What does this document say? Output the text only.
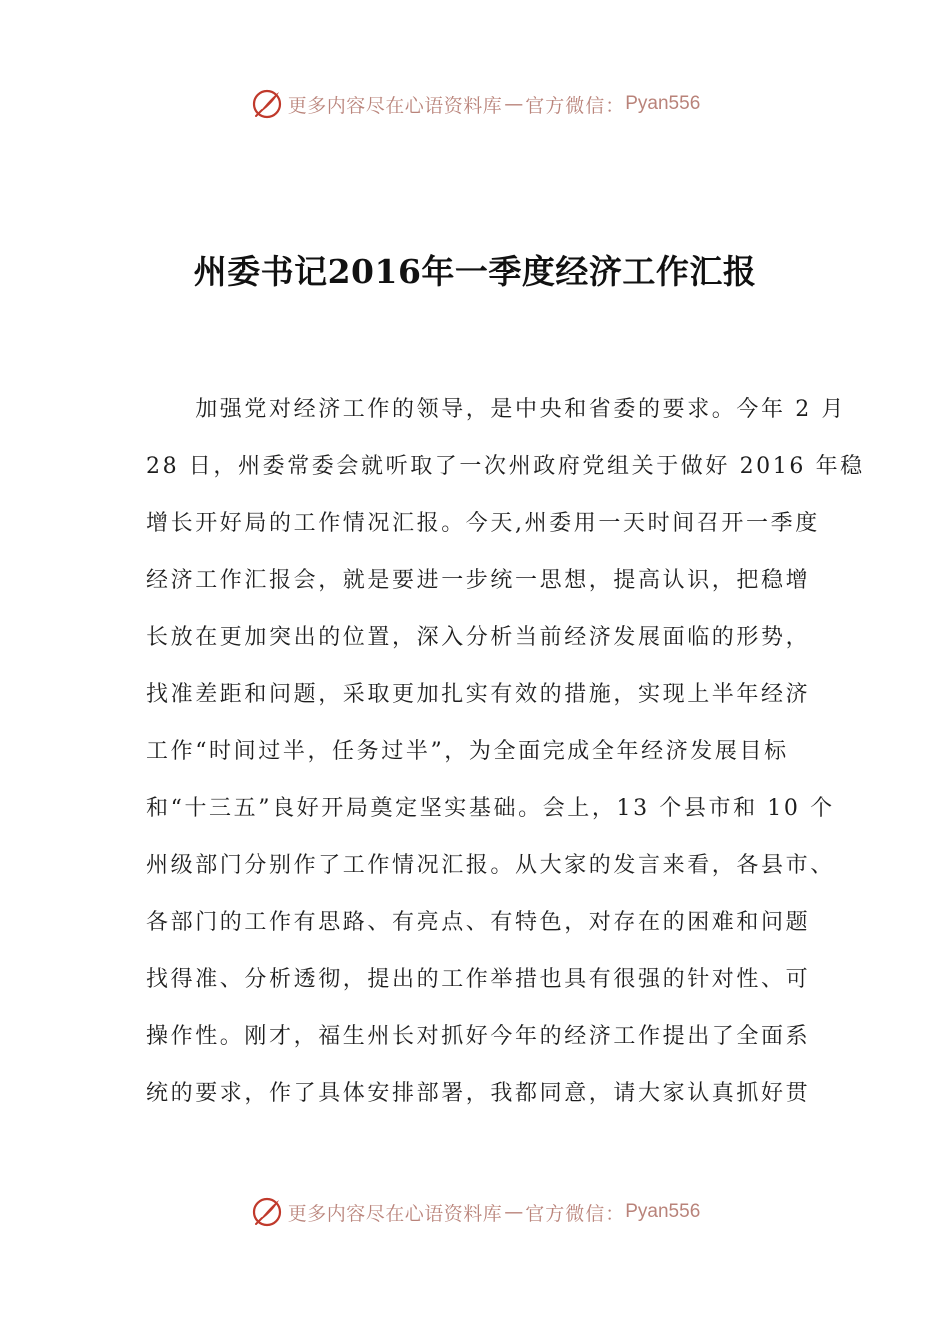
更多内容尽在心语资料库 — 官方微信： Pyan556
州委书记2016年一季度经济工作汇报
　　加强党对经济工作的领导，是中央和省委的要求。今年 2 月
28 日，州委常委会就听取了一次州政府党组关于做好 2016 年稳
增长开好局的工作情况汇报。今天,州委用一天时间召开一季度
经济工作汇报会，就是要进一步统一思想，提高认识，把稳增
长放在更加突出的位置，深入分析当前经济发展面临的形势，
找准差距和问题，采取更加扎实有效的措施，实现上半年经济
工作“时间过半，任务过半”，为全面完成全年经济发展目标
和“十三五”良好开局奠定坚实基础。会上，13 个县市和 10 个
州级部门分别作了工作情况汇报。从大家的发言来看，各县市、
各部门的工作有思路、有亮点、有特色，对存在的困难和问题
找得准、分析透彻，提出的工作举措也具有很强的针对性、可
操作性。刚才，福生州长对抓好今年的经济工作提出了全面系
统的要求，作了具体安排部署，我都同意，请大家认真抓好贯
更多内容尽在心语资料库 — 官方微信： Pyan556
